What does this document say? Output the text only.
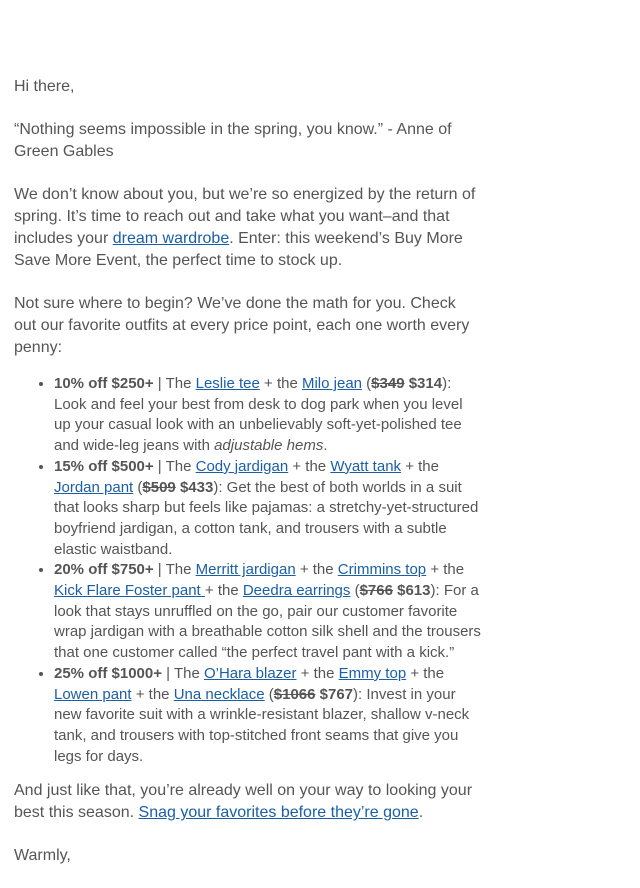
Hi there,

“Nothing seems impossible in the spring, you know.” - Anne of Green Gables

We don’t know about you, but we’re so energized by the return of spring. It’s time to reach out and take what you want–and that includes your dream wardrobe. Enter: this weekend’s Buy More Save More Event, the perfect time to stock up.

Not sure where to begin? We’ve done the math for you. Check out our favorite outfits at every price point, each one worth every penny:

• 10% off $250+ | The Leslie tee + the Milo jean ($349 $314): Look and feel your best from desk to dog park when you level up your casual look with an unbelievably soft-yet-polished tee and wide-leg jeans with adjustable hems.
• 15% off $500+ | The Cody jardigan + the Wyatt tank + the Jordan pant ($509 $433): Get the best of both worlds in a suit that looks sharp but feels like pajamas: a stretchy-yet-structured boyfriend jardigan, a cotton tank, and trousers with a subtle elastic waistband.
• 20% off $750+ | The Merritt jardigan + the Crimmins top + the Kick Flare Foster pant + the Deedra earrings ($766 $613): For a look that stays unruffled on the go, pair our customer favorite wrap jardigan with a breathable cotton silk shell and the trousers that one customer called “the perfect travel pant with a kick.”
• 25% off $1000+ | The O’Hara blazer + the Emmy top + the Lowen pant + the Una necklace ($1066 $767): Invest in your new favorite suit with a wrinkle-resistant blazer, shallow v-neck tank, and trousers with top-stitched front seams that give you legs for days.

And just like that, you’re already well on your way to looking your best this season. Snag your favorites before they’re gone.

Warmly,
